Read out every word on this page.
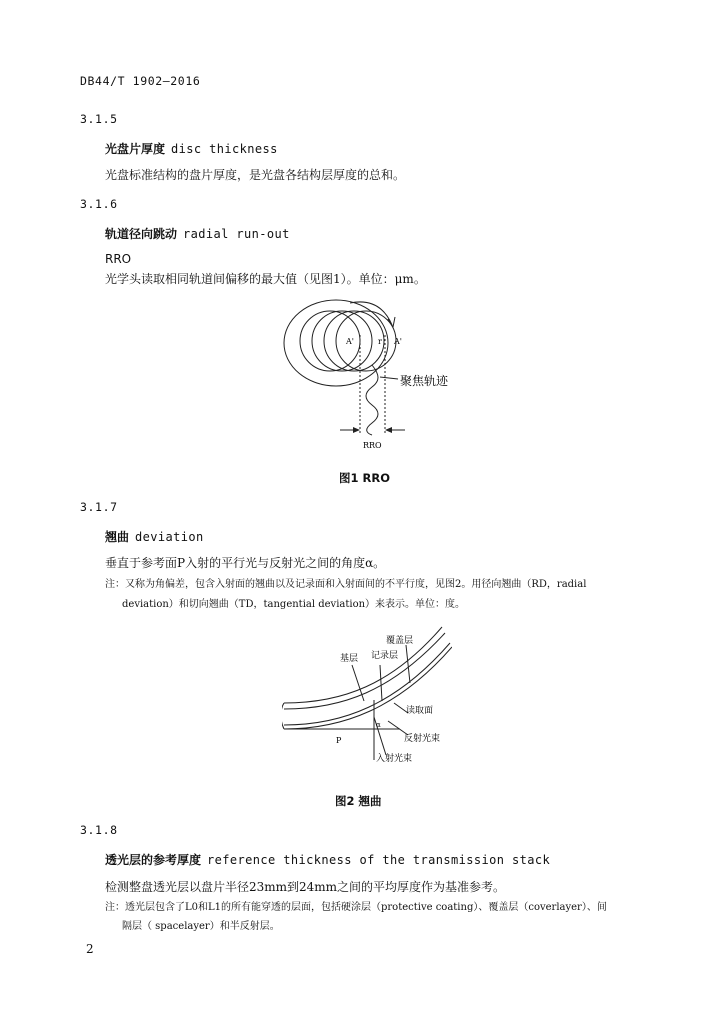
DB44/T 1902—2016
3.1.5
光盘片厚度 disc thickness
光盘标准结构的盘片厚度，是光盘各结构层厚度的总和。
3.1.6
轨道径向跳动 radial run-out
RRO
光学头读取相同轨道间偏移的最大值（见图1）。单位：μm。
A'	r A'
聚焦轨迹
RRO
图1 RRO
3.1.7
翘曲 deviation
垂直于参考面P入射的平行光与反射光之间的角度α。
注：又称为角偏差，包含入射面的翘曲以及记录面和入射面间的不平行度，见图2。用径向翘曲（RD，radial
deviation）和切向翘曲（TD，tangential deviation）来表示。单位：度。
覆盖层
基层 记录层
读取面
反射光束
入射光束
P
α
图2 翘曲
3.1.8
透光层的参考厚度 reference thickness of the transmission stack
检测整盘透光层以盘片半径23mm到24mm之间的平均厚度作为基准参考。
注：透光层包含了L0和L1的所有能穿透的层面，包括硬涂层（protective coating）、覆盖层（coverlayer）、间
隔层（ spacelayer）和半反射层。
2
